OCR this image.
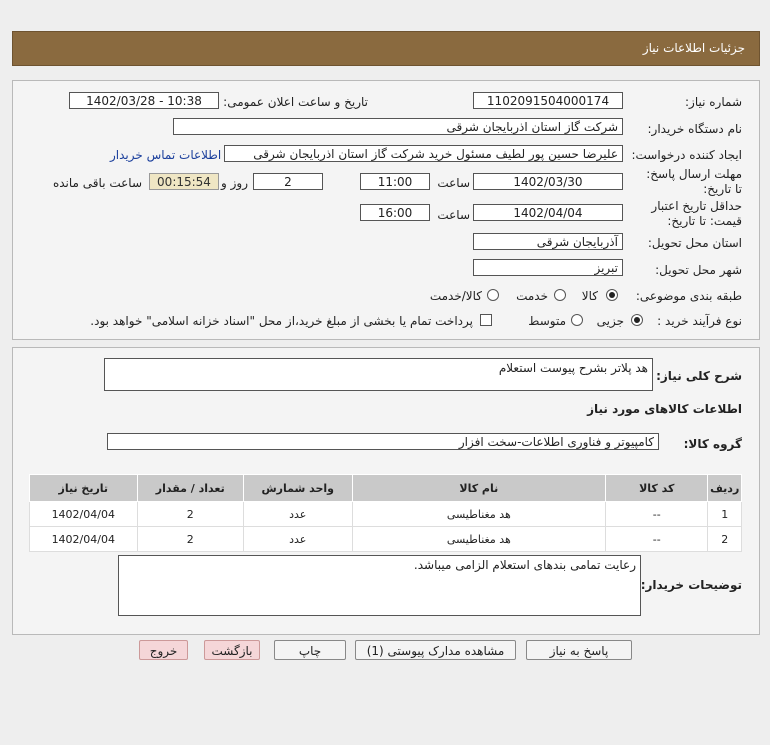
جزئیات اطلاعات نیاز
شماره نیاز:
1102091504000174
تاریخ و ساعت اعلان عمومی:
1402/03/28 - 10:38
نام دستگاه خریدار:
شرکت گاز استان اذربایجان شرقی
ایجاد کننده درخواست:
علیرضا حسین پور لطیف مسئول خرید شرکت گاز استان اذربایجان شرقی
اطلاعات تماس خریدار
مهلت ارسال پاسخ: تا تاریخ:
1402/03/30
ساعت
11:00
2
روز و
00:15:54
ساعت باقی مانده
حداقل تاریخ اعتبار قیمت: تا تاریخ:
1402/04/04
ساعت
16:00
استان محل تحویل:
آذربایجان شرقی
شهر محل تحویل:
تبریز
طبقه بندی موضوعی:
کالا
خدمت
کالا/خدمت
نوع فرآیند خرید :
جزیی
متوسط
پرداخت تمام یا بخشی از مبلغ خرید،از محل "اسناد خزانه اسلامی" خواهد بود.
شرح کلی نیاز:
هد پلاتر بشرح پیوست استعلام
اطلاعات کالاهای مورد نیاز
گروه کالا:
کامپیوتر و فناوری اطلاعات-سخت افزار
ردیف	کد کالا	نام کالا	واحد شمارش	تعداد / مقدار	تاریخ نیاز
1	--	هد مغناطیسی	عدد	2	1402/04/04
2	--	هد مغناطیسی	عدد	2	1402/04/04
توضیحات خریدار:
رعایت تمامی بندهای استعلام الزامی میباشد.
پاسخ به نیاز
مشاهده مدارک پیوستی (1)
چاپ
بازگشت
خروج
